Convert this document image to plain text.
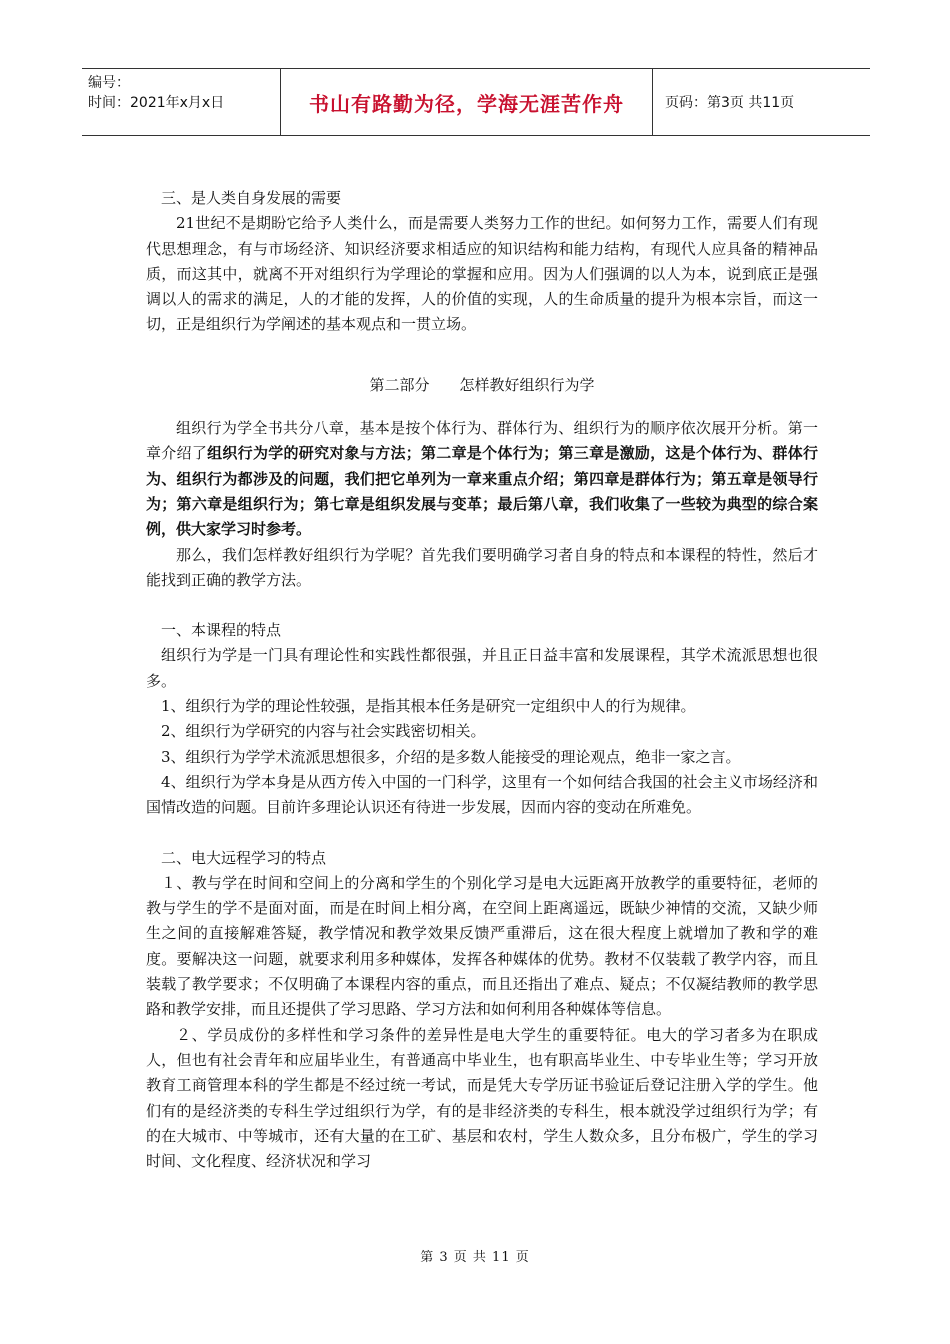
编号：
时间：2021年x月x日	书山有路勤为径，学海无涯苦作舟	页码：第3页 共11页

三、是人类自身发展的需要

21世纪不是期盼它给予人类什么，而是需要人类努力工作的世纪。如何努力工作，需要人们有现代思想理念，有与市场经济、知识经济要求相适应的知识结构和能力结构，有现代人应具备的精神品质，而这其中，就离不开对组织行为学理论的掌握和应用。因为人们强调的以人为本，说到底正是强调以人的需求的满足，人的才能的发挥，人的价值的实现，人的生命质量的提升为根本宗旨，而这一切，正是组织行为学阐述的基本观点和一贯立场。

第二部分　　怎样教好组织行为学

组织行为学全书共分八章，基本是按个体行为、群体行为、组织行为的顺序依次展开分析。第一章介绍了组织行为学的研究对象与方法；第二章是个体行为；第三章是激励，这是个体行为、群体行为、组织行为都涉及的问题，我们把它单列为一章来重点介绍；第四章是群体行为；第五章是领导行为；第六章是组织行为；第七章是组织发展与变革；最后第八章，我们收集了一些较为典型的综合案例，供大家学习时参考。

那么，我们怎样教好组织行为学呢？首先我们要明确学习者自身的特点和本课程的特性，然后才能找到正确的教学方法。

一、本课程的特点

组织行为学是一门具有理论性和实践性都很强，并且正日益丰富和发展课程，其学术流派思想也很多。

1、组织行为学的理论性较强，是指其根本任务是研究一定组织中人的行为规律。

2、组织行为学研究的内容与社会实践密切相关。

3、组织行为学学术流派思想很多，介绍的是多数人能接受的理论观点，绝非一家之言。

4、组织行为学本身是从西方传入中国的一门科学，这里有一个如何结合我国的社会主义市场经济和国情改造的问题。目前许多理论认识还有待进一步发展，因而内容的变动在所难免。

二、电大远程学习的特点

１、教与学在时间和空间上的分离和学生的个别化学习是电大远距离开放教学的重要特征，老师的教与学生的学不是面对面，而是在时间上相分离，在空间上距离遥远，既缺少神情的交流，又缺少师生之间的直接解难答疑，教学情况和教学效果反馈严重滞后，这在很大程度上就增加了教和学的难度。要解决这一问题，就要求利用多种媒体，发挥各种媒体的优势。教材不仅装载了教学内容，而且装载了教学要求；不仅明确了本课程内容的重点，而且还指出了难点、疑点；不仅凝结教师的教学思路和教学安排，而且还提供了学习思路、学习方法和如何利用各种媒体等信息。

２、学员成份的多样性和学习条件的差异性是电大学生的重要特征。电大的学习者多为在职成人，但也有社会青年和应届毕业生，有普通高中毕业生，也有职高毕业生、中专毕业生等；学习开放教育工商管理本科的学生都是不经过统一考试，而是凭大专学历证书验证后登记注册入学的学生。他们有的是经济类的专科生学过组织行为学，有的是非经济类的专科生，根本就没学过组织行为学；有的在大城市、中等城市，还有大量的在工矿、基层和农村，学生人数众多，且分布极广，学生的学习时间、文化程度、经济状况和学习

第 3 页 共 11 页
